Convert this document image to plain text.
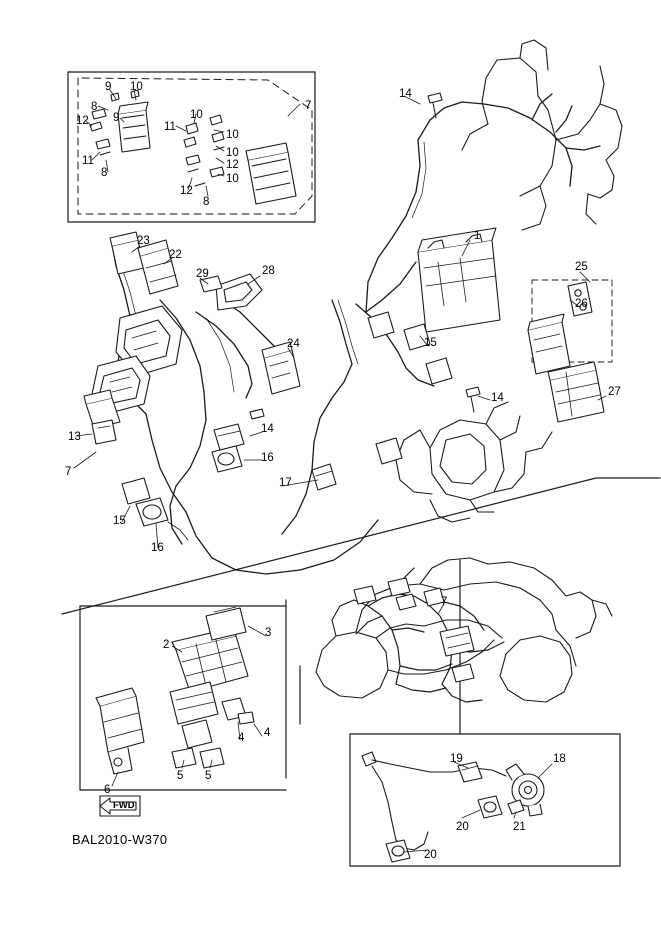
9 10
8
9
12	10
11
10
10
12
11
8
12
10
8
7
14
1
25
26
27
23
22
29	28
24	15
14
14
16
13
7
17
15
16
3
2
4
4
5 5
6
7
19	18
20	21
20
FWD
BAL2010-W370
